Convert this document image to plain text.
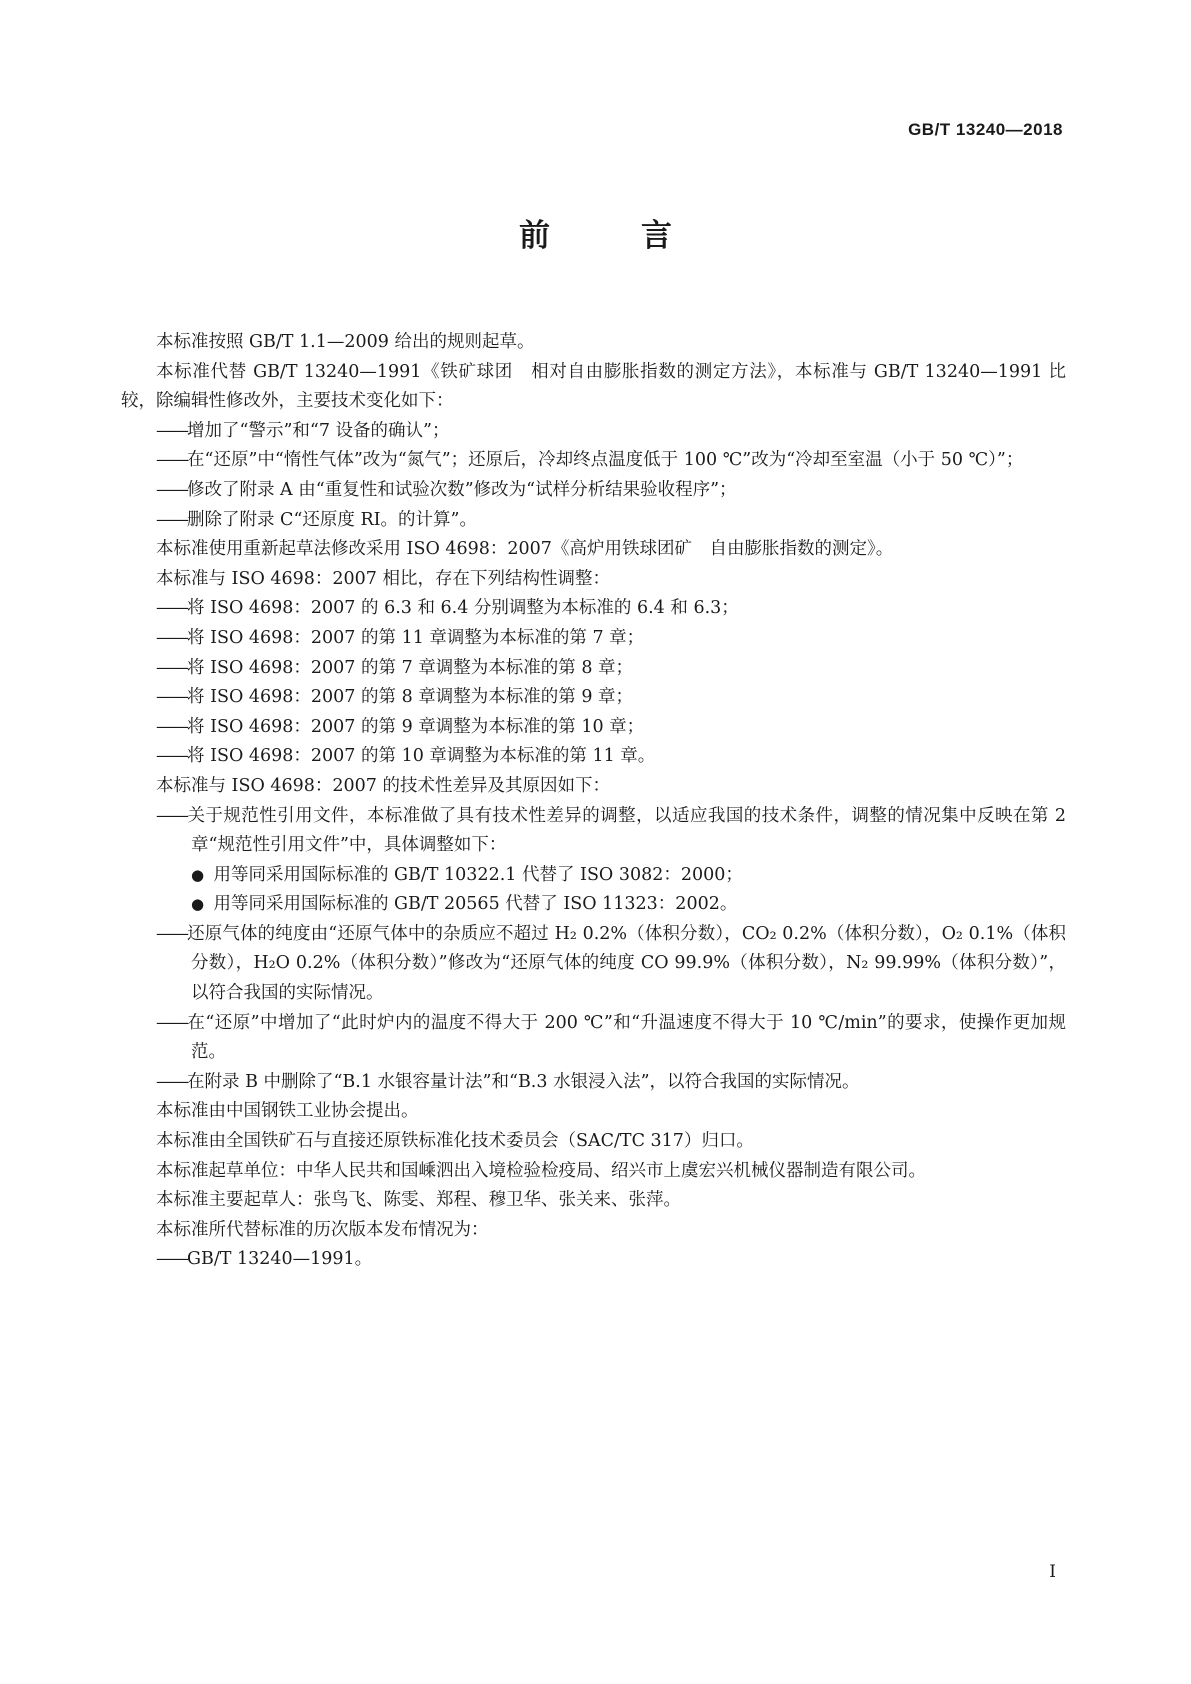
GB/T 13240—2018
前　言

本标准按照 GB/T 1.1—2009 给出的规则起草。

本标准代替 GB/T 13240—1991《铁矿球团　相对自由膨胀指数的测定方法》，本标准与 GB/T 13240—1991 比较，除编辑性修改外，主要技术变化如下：

——增加了“警示”和“7 设备的确认”；

——在“还原”中“惰性气体”改为“氮气”；还原后，冷却终点温度低于 100 ℃”改为“冷却至室温（小于 50 ℃）”；

——修改了附录 A 由“重复性和试验次数”修改为“试样分析结果验收程序”；

——删除了附录 C“还原度 RI。的计算”。

本标准使用重新起草法修改采用 ISO 4698：2007《高炉用铁球团矿　自由膨胀指数的测定》。

本标准与 ISO 4698：2007 相比，存在下列结构性调整：

——将 ISO 4698：2007 的 6.3 和 6.4 分别调整为本标准的 6.4 和 6.3；

——将 ISO 4698：2007 的第 11 章调整为本标准的第 7 章；

——将 ISO 4698：2007 的第 7 章调整为本标准的第 8 章；

——将 ISO 4698：2007 的第 8 章调整为本标准的第 9 章；

——将 ISO 4698：2007 的第 9 章调整为本标准的第 10 章；

——将 ISO 4698：2007 的第 10 章调整为本标准的第 11 章。

本标准与 ISO 4698：2007 的技术性差异及其原因如下：

——关于规范性引用文件，本标准做了具有技术性差异的调整，以适应我国的技术条件，调整的情况集中反映在第 2 章“规范性引用文件”中，具体调整如下：

● 用等同采用国际标准的 GB/T 10322.1 代替了 ISO 3082：2000；
● 用等同采用国际标准的 GB/T 20565 代替了 ISO 11323：2002。

——还原气体的纯度由“还原气体中的杂质应不超过 H₂ 0.2%（体积分数），CO₂ 0.2%（体积分数），O₂ 0.1%（体积分数），H₂O 0.2%（体积分数）”修改为“还原气体的纯度 CO 99.9%（体积分数），N₂ 99.99%（体积分数）”，以符合我国的实际情况。

——在“还原”中增加了“此时炉内的温度不得大于 200 ℃”和“升温速度不得大于 10 ℃/min”的要求，使操作更加规范。

——在附录 B 中删除了“B.1 水银容量计法”和“B.3 水银浸入法”，以符合我国的实际情况。

本标准由中国钢铁工业协会提出。

本标准由全国铁矿石与直接还原铁标准化技术委员会（SAC/TC 317）归口。

本标准起草单位：中华人民共和国嵊泗出入境检验检疫局、绍兴市上虞宏兴机械仪器制造有限公司。

本标准主要起草人：张鸟飞、陈雯、郑程、穆卫华、张关来、张萍。

本标准所代替标准的历次版本发布情况为：

——GB/T 13240—1991。

I
